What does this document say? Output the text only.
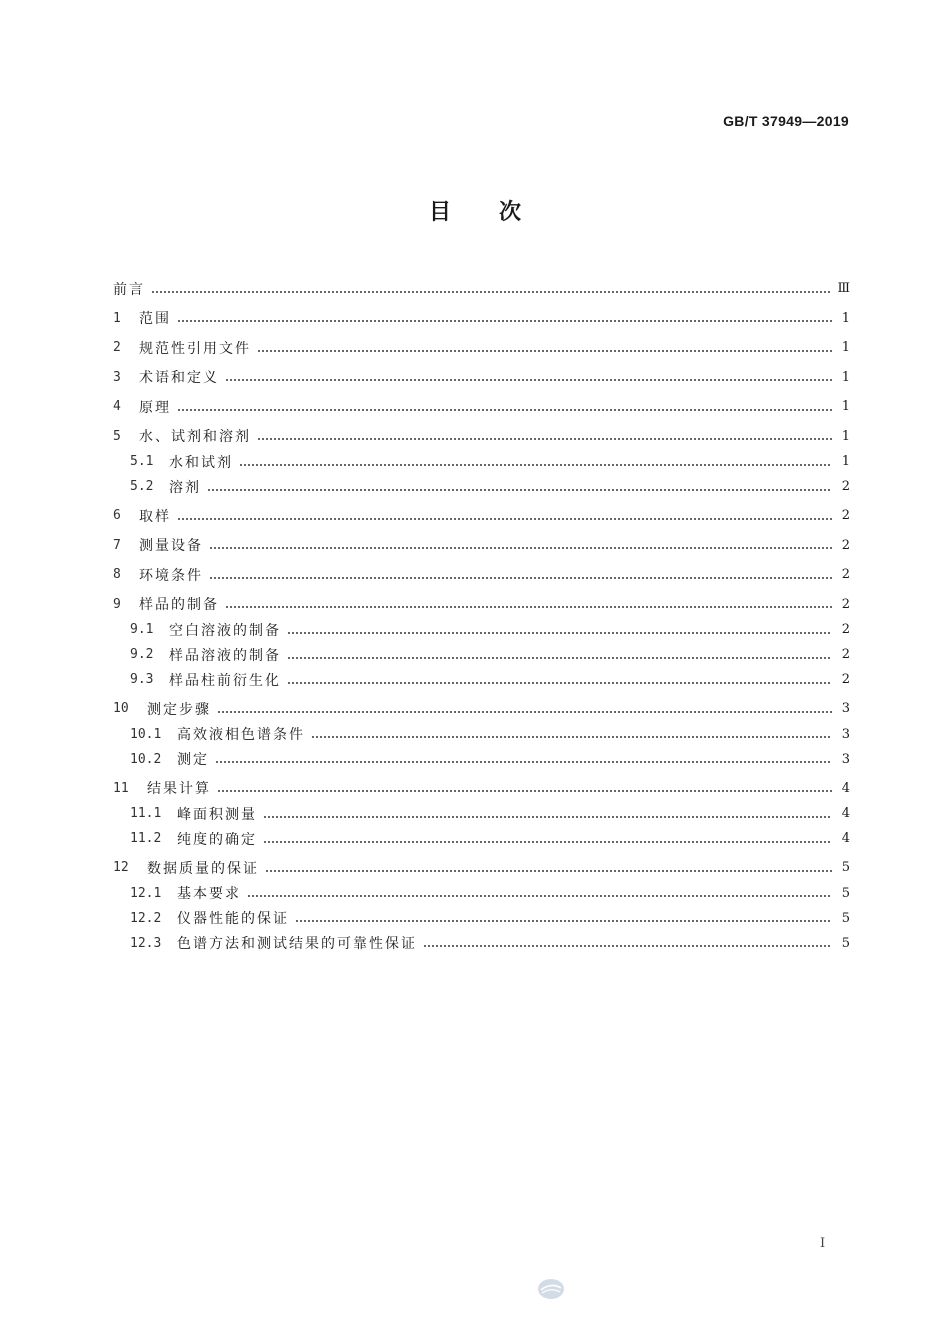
GB/T 37949—2019
目次
前言	Ⅲ
1	范围	1
2	规范性引用文件	1
3	术语和定义	1
4	原理	1
5	水、试剂和溶剂	1
5.1	水和试剂	1
5.2	溶剂	2
6	取样	2
7	测量设备	2
8	环境条件	2
9	样品的制备	2
9.1	空白溶液的制备	2
9.2	样品溶液的制备	2
9.3	样品柱前衍生化	2
10	测定步骤	3
10.1	高效液相色谱条件	3
10.2	测定	3
11	结果计算	4
11.1	峰面积测量	4
11.2	纯度的确定	4
12	数据质量的保证	5
12.1	基本要求	5
12.2	仪器性能的保证	5
12.3	色谱方法和测试结果的可靠性保证	5
I
